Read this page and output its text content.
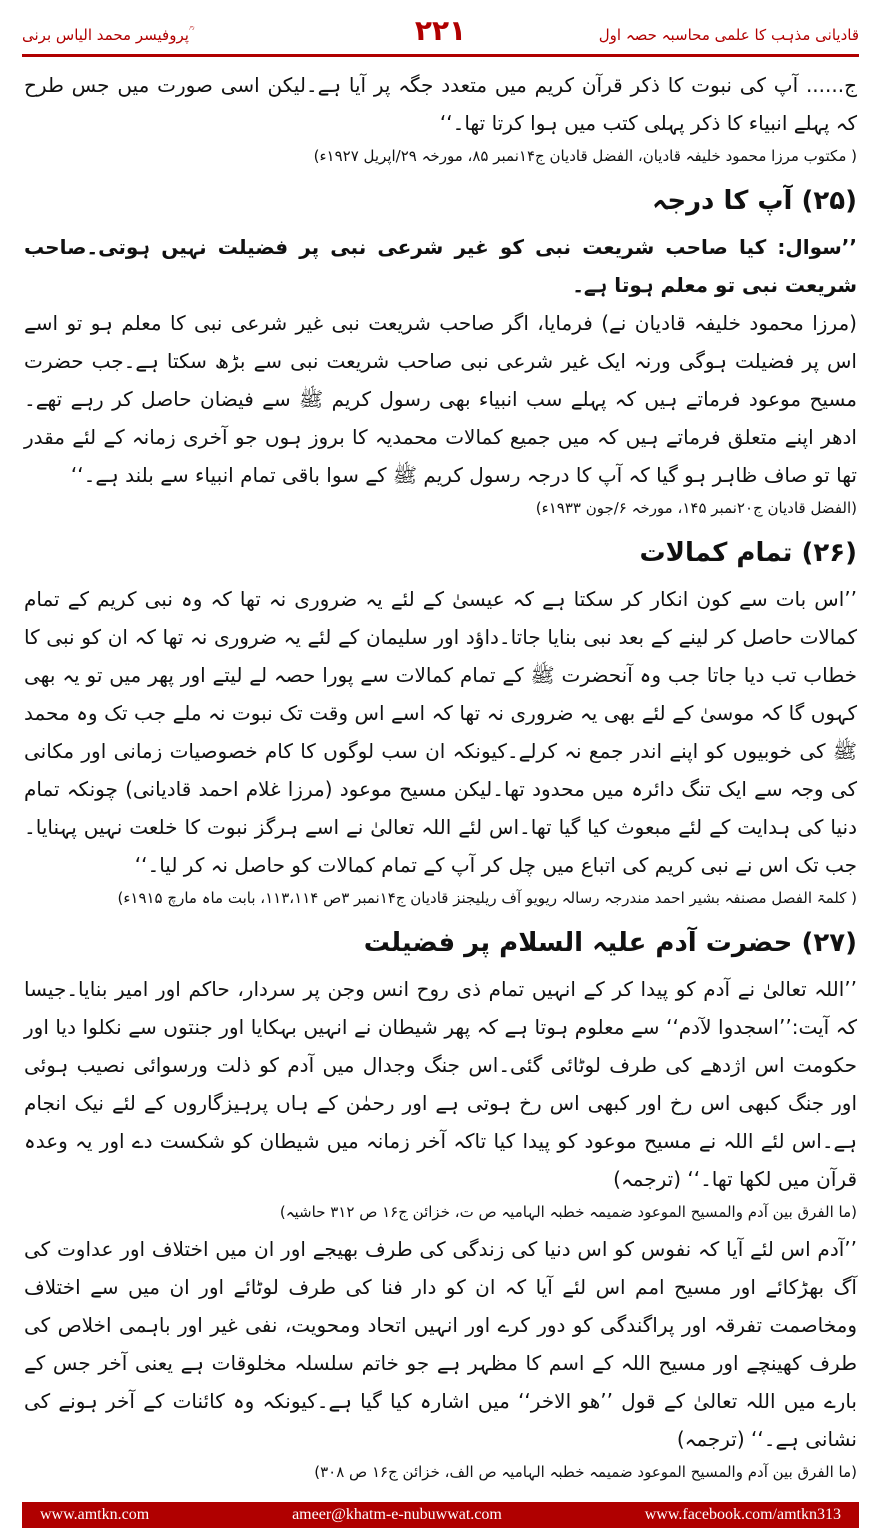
پروفیسر محمد الیاس برنی ؒ	۲۲۱	قادیانی مذہب کا علمی محاسبہ حصہ اول

ج...... آپ کی نبوت کا ذکر قرآن کریم میں متعدد جگہ پر آیا ہے۔لیکن اسی صورت میں جس طرح کہ پہلے انبیاء کا ذکر پہلی کتب میں ہوا کرتا تھا۔‘‘

( مکتوب مرزا محمود خلیفہ قادیان، الفضل قادیان ج۱۴نمبر ۸۵، مورخہ ۲۹/اپریل ۱۹۲۷ء)

(۲۵) آپ کا درجہ

’’سوال: کیا صاحب شریعت نبی کو غیر شرعی نبی پر فضیلت نہیں ہوتی۔صاحب شریعت نبی تو معلم ہوتا ہے۔

(مرزا محمود خلیفہ قادیان نے) فرمایا، اگر صاحب شریعت نبی غیر شرعی نبی کا معلم ہو تو اسے اس پر فضیلت ہوگی ورنہ ایک غیر شرعی نبی صاحب شریعت نبی سے بڑھ سکتا ہے۔جب حضرت مسیح موعود فرماتے ہیں کہ پہلے سب انبیاء بھی رسول کریم ﷺ سے فیضان حاصل کر رہے تھے۔ادھر اپنے متعلق فرماتے ہیں کہ میں جمیع کمالات محمدیہ کا بروز ہوں جو آخری زمانہ کے لئے مقدر تھا تو صاف ظاہر ہو گیا کہ آپ کا درجہ رسول کریم ﷺ کے سوا باقی تمام انبیاء سے بلند ہے۔‘‘

(الفضل قادیان ج۲۰نمبر ۱۴۵، مورخہ ۶/جون ۱۹۳۳ء)

(۲۶) تمام کمالات

’’اس بات سے کون انکار کر سکتا ہے کہ عیسیٰ کے لئے یہ ضروری نہ تھا کہ وہ نبی کریم کے تمام کمالات حاصل کر لینے کے بعد نبی بنایا جاتا۔داؤد اور سلیمان کے لئے یہ ضروری نہ تھا کہ ان کو نبی کا خطاب تب دیا جاتا جب وہ آنحضرت ﷺ کے تمام کمالات سے پورا حصہ لے لیتے اور پھر میں تو یہ بھی کہوں گا کہ موسیٰ کے لئے بھی یہ ضروری نہ تھا کہ اسے اس وقت تک نبوت نہ ملے جب تک وہ محمد ﷺ کی خوبیوں کو اپنے اندر جمع نہ کرلے۔کیونکہ ان سب لوگوں کا کام خصوصیات زمانی اور مکانی کی وجہ سے ایک تنگ دائرہ میں محدود تھا۔لیکن مسیح موعود (مرزا غلام احمد قادیانی) چونکہ تمام دنیا کی ہدایت کے لئے مبعوث کیا گیا تھا۔اس لئے اللہ تعالیٰ نے اسے ہرگز نبوت کا خلعت نہیں پہنایا۔جب تک اس نے نبی کریم کی اتباع میں چل کر آپ کے تمام کمالات کو حاصل نہ کر لیا۔‘‘

( کلمۃ الفصل مصنفہ بشیر احمد مندرجہ رسالہ ریویو آف ریلیجنز قادیان ج۱۴نمبر ۳ص ۱۱۳،۱۱۴، بابت ماہ مارچ ۱۹۱۵ء)

(۲۷) حضرت آدم علیہ السلام پر فضیلت

’’اللہ تعالیٰ نے آدم کو پیدا کر کے انہیں تمام ذی روح انس وجن پر سردار، حاکم اور امیر بنایا۔جیسا کہ آیت:’’اسجدوا لآدم‘‘ سے معلوم ہوتا ہے کہ پھر شیطان نے انہیں بہکایا اور جنتوں سے نکلوا دیا اور حکومت اس اژدھے کی طرف لوٹائی گئی۔اس جنگ وجدال میں آدم کو ذلت ورسوائی نصیب ہوئی اور جنگ کبھی اس رخ اور کبھی اس رخ ہوتی ہے اور رحمٰن کے ہاں پرہیزگاروں کے لئے نیک انجام ہے۔اس لئے اللہ نے مسیح موعود کو پیدا کیا تاکہ آخر زمانہ میں شیطان کو شکست دے اور یہ وعدہ قرآن میں لکھا تھا۔‘‘ (ترجمہ)

(ما الفرق بین آدم والمسیح الموعود ضمیمہ خطبہ الہامیہ ص ت، خزائن ج۱۶ ص ۳۱۲ حاشیہ)

’’آدم اس لئے آیا کہ نفوس کو اس دنیا کی زندگی کی طرف بھیجے اور ان میں اختلاف اور عداوت کی آگ بھڑکائے اور مسیح امم اس لئے آیا کہ ان کو دار فنا کی طرف لوٹائے اور ان میں سے اختلاف ومخاصمت تفرقہ اور پراگندگی کو دور کرے اور انہیں اتحاد ومحویت، نفی غیر اور باہمی اخلاص کی طرف کھینچے اور مسیح اللہ کے اسم کا مظہر ہے جو خاتم سلسلہ مخلوقات ہے یعنی آخر جس کے بارے میں اللہ تعالیٰ کے قول ’’ھو الاخر‘‘ میں اشارہ کیا گیا ہے۔کیونکہ وہ کائنات کے آخر ہونے کی نشانی ہے۔‘‘ (ترجمہ)

(ما الفرق بین آدم والمسیح الموعود ضمیمہ خطبہ الہامیہ ص الف، خزائن ج۱۶ ص ۳۰۸)

www.amtkn.com	ameer@khatm-e-nubuwwat.com	www.facebook.com/amtkn313
